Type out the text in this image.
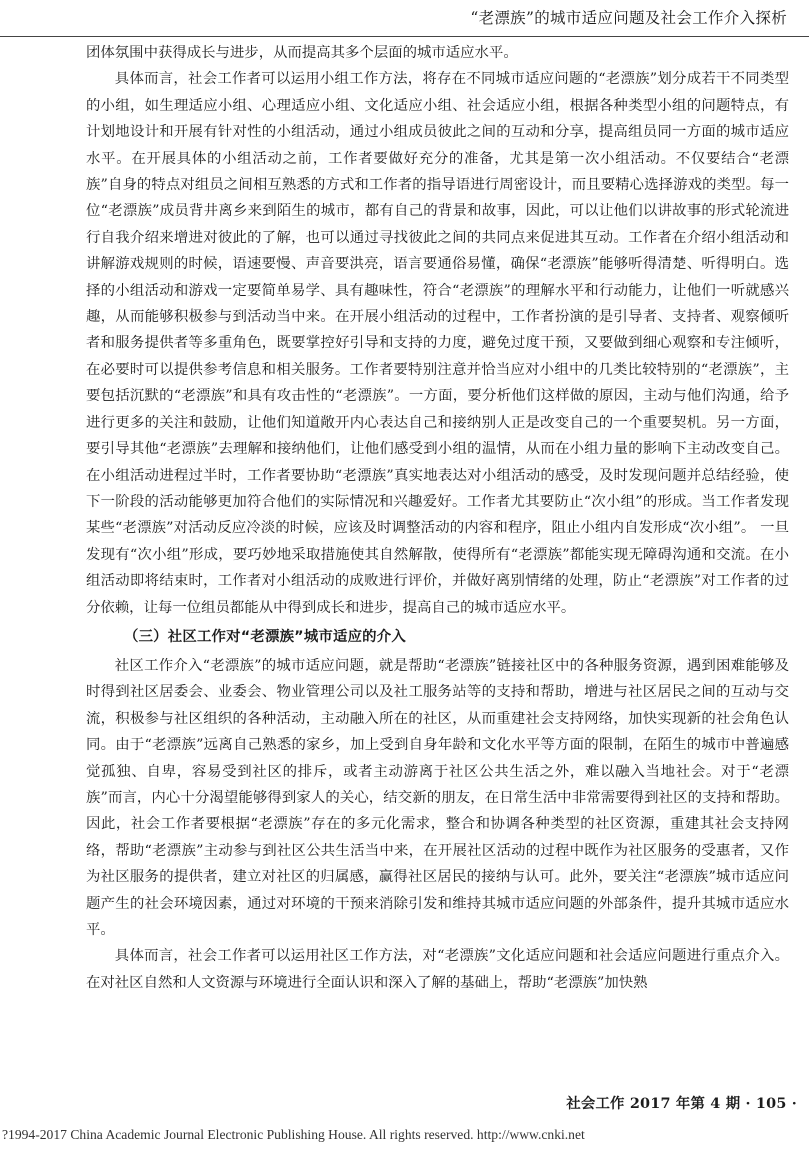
“老漂族”的城市适应问题及社会工作介入探析

团体氛围中获得成长与进步，从而提高其多个层面的城市适应水平。

具体而言，社会工作者可以运用小组工作方法，将存在不同城市适应问题的“老漂族”划分成若干不同类型的小组，如生理适应小组、心理适应小组、文化适应小组、社会适应小组，根据各种类型小组的问题特点，有计划地设计和开展有针对性的小组活动，通过小组成员彼此之间的互动和分享，提高组员同一方面的城市适应水平。在开展具体的小组活动之前，工作者要做好充分的准备，尤其是第一次小组活动。不仅要结合“老漂族”自身的特点对组员之间相互熟悉的方式和工作者的指导语进行周密设计，而且要精心选择游戏的类型。每一位“老漂族”成员背井离乡来到陌生的城市，都有自己的背景和故事，因此，可以让他们以讲故事的形式轮流进行自我介绍来增进对彼此的了解，也可以通过寻找彼此之间的共同点来促进其互动。工作者在介绍小组活动和讲解游戏规则的时候，语速要慢、声音要洪亮，语言要通俗易懂，确保“老漂族”能够听得清楚、听得明白。选择的小组活动和游戏一定要简单易学、具有趣味性，符合“老漂族”的理解水平和行动能力，让他们一听就感兴趣，从而能够积极参与到活动当中来。在开展小组活动的过程中，工作者扮演的是引导者、支持者、观察倾听者和服务提供者等多重角色，既要掌控好引导和支持的力度，避免过度干预，又要做到细心观察和专注倾听，在必要时可以提供参考信息和相关服务。工作者要特别注意并恰当应对小组中的几类比较特别的“老漂族”，主要包括沉默的“老漂族”和具有攻击性的“老漂族”。一方面，要分析他们这样做的原因，主动与他们沟通，给予进行更多的关注和鼓励，让他们知道敞开内心表达自己和接纳别人正是改变自己的一个重要契机。另一方面，要引导其他“老漂族”去理解和接纳他们，让他们感受到小组的温情，从而在小组力量的影响下主动改变自己。在小组活动进程过半时，工作者要协助“老漂族”真实地表达对小组活动的感受，及时发现问题并总结经验，使下一阶段的活动能够更加符合他们的实际情况和兴趣爱好。工作者尤其要防止“次小组”的形成。当工作者发现某些“老漂族”对活动反应冷淡的时候，应该及时调整活动的内容和程序，阻止小组内自发形成“次小组”。 一旦发现有“次小组”形成，要巧妙地采取措施使其自然解散，使得所有“老漂族”都能实现无障碍沟通和交流。在小组活动即将结束时，工作者对小组活动的成败进行评价，并做好离别情绪的处理，防止“老漂族”对工作者的过分依赖，让每一位组员都能从中得到成长和进步，提高自己的城市适应水平。

（三）社区工作对“老漂族”城市适应的介入

社区工作介入“老漂族”的城市适应问题，就是帮助“老漂族”链接社区中的各种服务资源，遇到困难能够及时得到社区居委会、业委会、物业管理公司以及社工服务站等的支持和帮助，增进与社区居民之间的互动与交流，积极参与社区组织的各种活动，主动融入所在的社区，从而重建社会支持网络，加快实现新的社会角色认同。由于“老漂族”远离自己熟悉的家乡，加上受到自身年龄和文化水平等方面的限制，在陌生的城市中普遍感觉孤独、自卑，容易受到社区的排斥，或者主动游离于社区公共生活之外，难以融入当地社会。对于“老漂族”而言，内心十分渴望能够得到家人的关心，结交新的朋友，在日常生活中非常需要得到社区的支持和帮助。因此，社会工作者要根据“老漂族”存在的多元化需求，整合和协调各种类型的社区资源，重建其社会支持网络，帮助“老漂族”主动参与到社区公共生活当中来，在开展社区活动的过程中既作为社区服务的受惠者，又作为社区服务的提供者，建立对社区的归属感，赢得社区居民的接纳与认可。此外，要关注“老漂族”城市适应问题产生的社会环境因素，通过对环境的干预来消除引发和维持其城市适应问题的外部条件，提升其城市适应水平。

具体而言，社会工作者可以运用社区工作方法，对“老漂族”文化适应问题和社会适应问题进行重点介入。在对社区自然和人文资源与环境进行全面认识和深入了解的基础上，帮助“老漂族”加快熟

社会工作 2017 年第 4 期 · 105 ·
?1994-2017 China Academic Journal Electronic Publishing House. All rights reserved. http://www.cnki.net
